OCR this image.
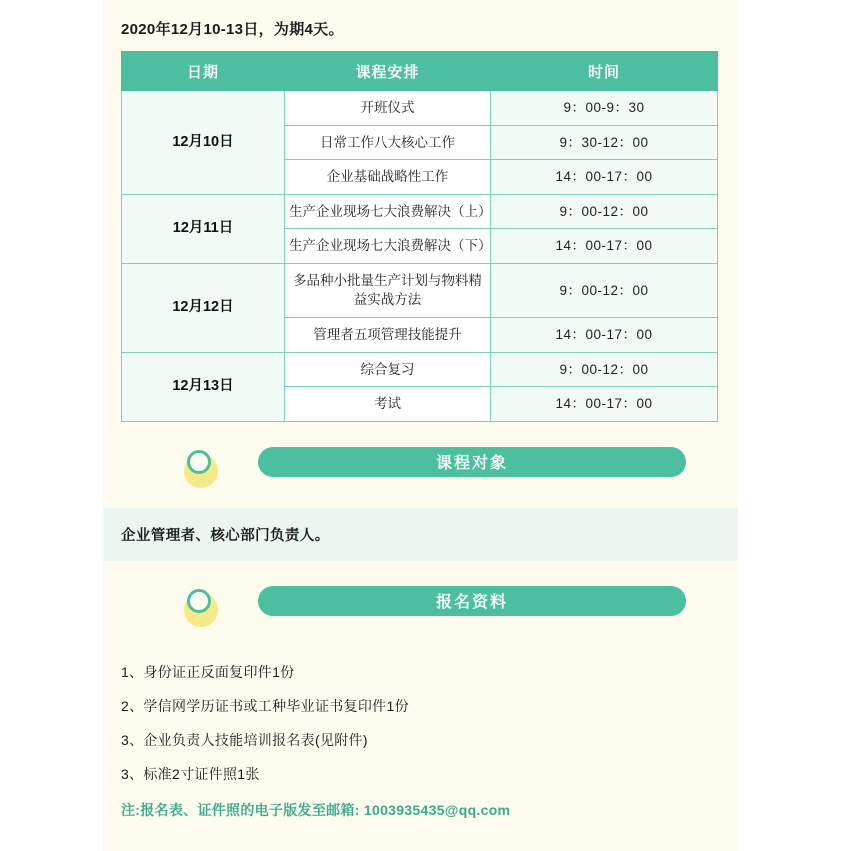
2020年12月10-13日，为期4天。
日期	课程安排	时间
12月10日	开班仪式	9：00-9：30
	日常工作八大核心工作	9：30-12：00
	企业基础战略性工作	14：00-17：00
12月11日	生产企业现场七大浪费解决（上）	9：00-12：00
	生产企业现场七大浪费解决（下）	14：00-17：00
12月12日	多品种小批量生产计划与物料精益实战方法	9：00-12：00
	管理者五项管理技能提升	14：00-17：00
12月13日	综合复习	9：00-12：00
	考试	14：00-17：00
课程对象
企业管理者、核心部门负责人。
报名资料
1、身份证正反面复印件1份
2、学信网学历证书或工种毕业证书复印件1份
3、企业负责人技能培训报名表(见附件)
3、标准2寸证件照1张
注:报名表、证件照的电子版发至邮箱: 1003935435@qq.com
